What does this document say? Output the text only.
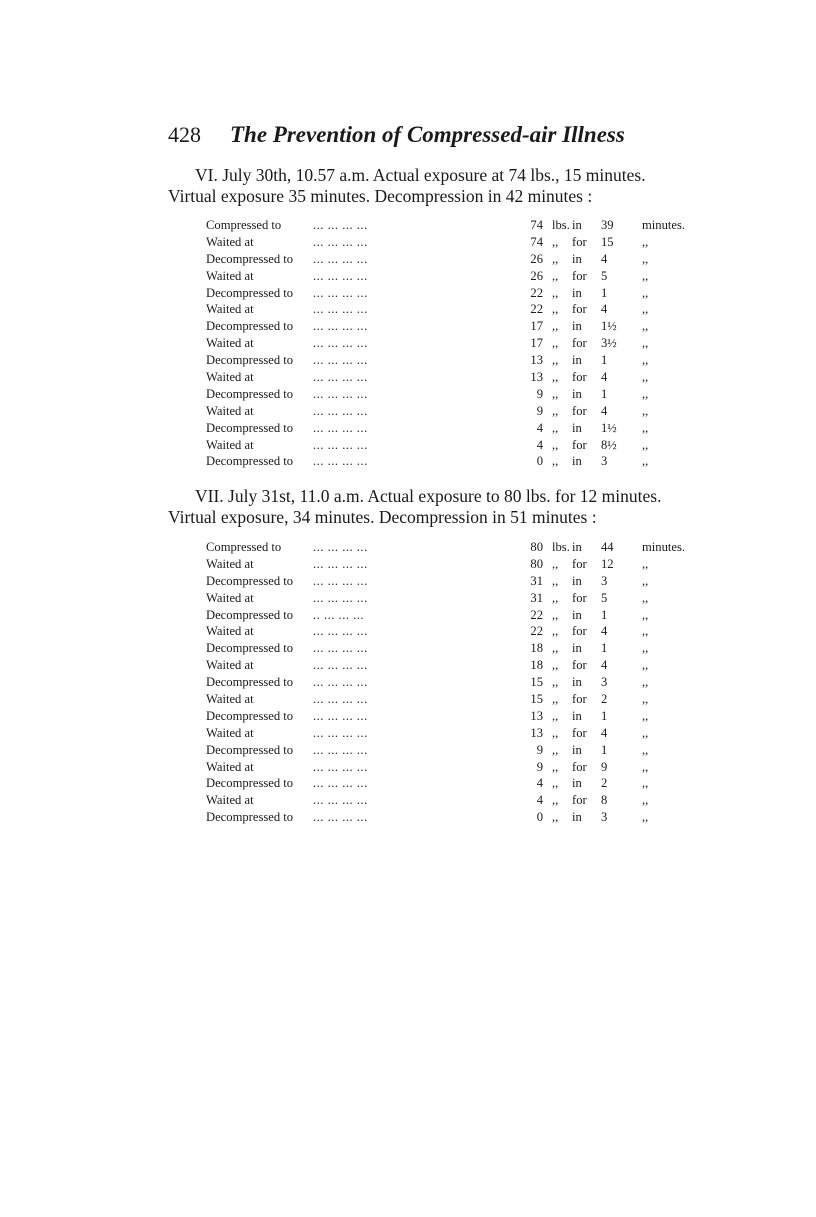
428 The Prevention of Compressed-air Illness
VI. July 30th, 10.57 a.m. Actual exposure at 74 lbs., 15 minutes.
Virtual exposure 35 minutes. Decompression in 42 minutes :
Compressed to	... ... ... ...	74 lbs. in 39 minutes.
Waited at	... ... ... ...	74 ,, for 15 ,,
Decompressed to ... ... ... ...	26 ,, in 4	,,
Waited at	... ... ... ...	26 ,, for 5	,,
Decompressed to ... ... ... ...	22 ,, in 1	,,
Waited at	... ... ... ...	22 ,, for 4	,,
Decompressed to ... ... ... ...	17 ,, in 1½ ,,
Waited at	... ... ... ...	17 ,, for 3½ ,,
Decompressed to ... ... ... ...	13 ,, in 1	,,
Waited at	... ... ... ...	13 ,, for 4	,,
Decompressed to ... ... ... ...	9 ,, in 1	,,
Waited at	... ... ... ...	9 ,, for 4	,,
Decompressed to ... ... ... ...	4 ,, in 1½ ,,
Waited at	... ... ... ...	4 ,, for 8½ ,,
Decompressed to ... ... ... ...	0 ,, in 3	,,
VII. July 31st, 11.0 a.m. Actual exposure to 80 lbs. for 12 minutes.
Virtual exposure, 34 minutes. Decompression in 51 minutes :
Compressed to	... ... ... ...	80 lbs. in 44 minutes.
Waited at	... ... ... ...	80 ,, for 12 ,,
Decompressed to ... ... ... ...	31 ,, in 3	,,
Waited at	... ... ... ...	31 ,, for 5	,,
Decompressed to .. ... ... ...	22 ,, in 1	,,
Waited at	... ... ... ...	22 ,, for 4	,,
Decompressed to ... ... ... ...	18 ,, in 1	,,
Waited at	... ... ... ...	18 ,, for 4	,,
Decompressed to ... ... ... ...	15 ,, in 3	,,
Waited at	... ... ... ...	15 ,, for 2	,,
Decompressed to ... ... ... ...	13 ,, in 1	,,
Waited at	... ... ... ...	13 ,, for 4	,,
Decompressed to ... ... ... ...	9 ,, in 1	,,
Waited at	... ... ... ...	9 ,, for 9	,,
Decompressed to ... ... ... ...	4 ,, in 2	,,
Waited at	... ... ... ...	4 ,, for 8	,,
Decompressed to ... ... ... ...	0 ,, in 3	,,
